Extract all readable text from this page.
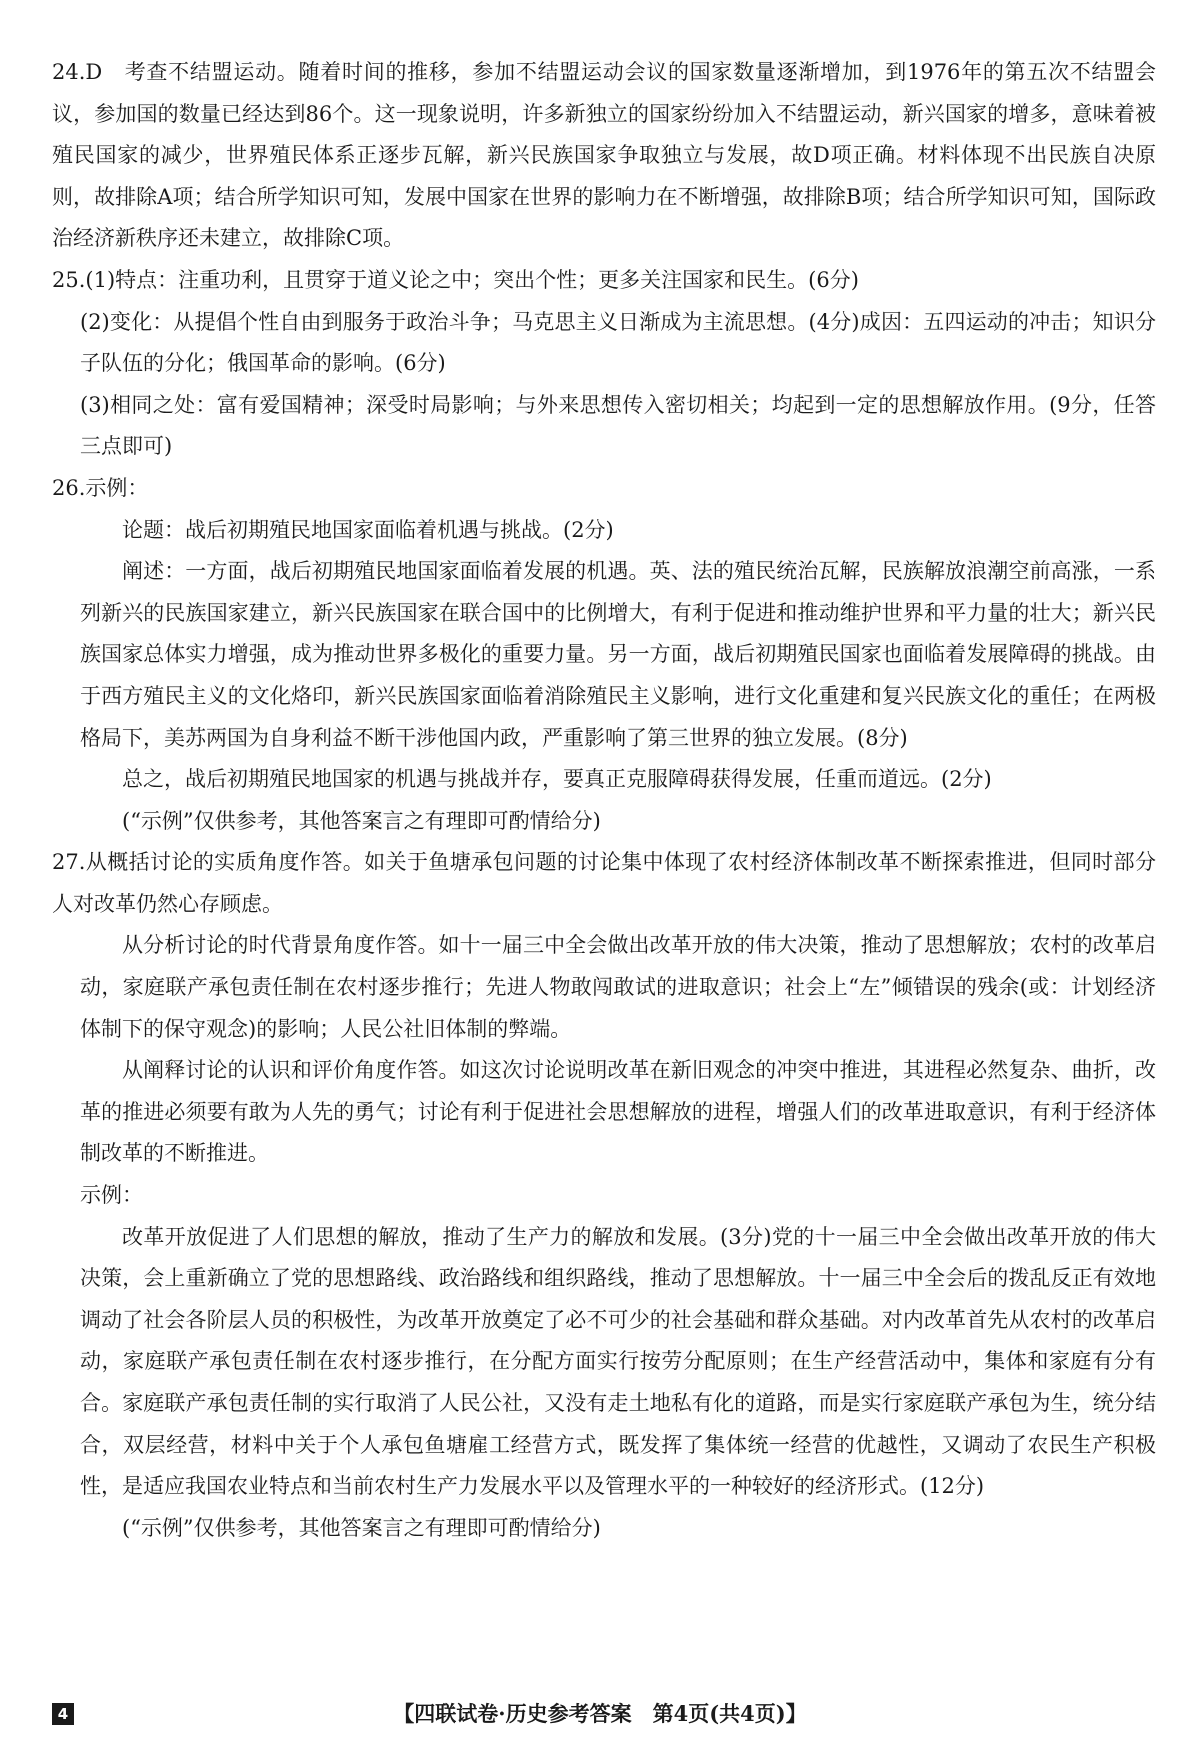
24.D　考查不结盟运动。随着时间的推移，参加不结盟运动会议的国家数量逐渐增加，到1976年的第五次不结盟会议，参加国的数量已经达到86个。这一现象说明，许多新独立的国家纷纷加入不结盟运动，新兴国家的增多，意味着被殖民国家的减少，世界殖民体系正逐步瓦解，新兴民族国家争取独立与发展，故D项正确。材料体现不出民族自决原则，故排除A项；结合所学知识可知，发展中国家在世界的影响力在不断增强，故排除B项；结合所学知识可知，国际政治经济新秩序还未建立，故排除C项。

25.(1)特点：注重功利，且贯穿于道义论之中；突出个性；更多关注国家和民生。(6分)

(2)变化：从提倡个性自由到服务于政治斗争；马克思主义日渐成为主流思想。(4分)成因：五四运动的冲击；知识分子队伍的分化；俄国革命的影响。(6分)

(3)相同之处：富有爱国精神；深受时局影响；与外来思想传入密切相关；均起到一定的思想解放作用。(9分，任答三点即可)

26.示例：

论题：战后初期殖民地国家面临着机遇与挑战。(2分)

阐述：一方面，战后初期殖民地国家面临着发展的机遇。英、法的殖民统治瓦解，民族解放浪潮空前高涨，一系列新兴的民族国家建立，新兴民族国家在联合国中的比例增大，有利于促进和推动维护世界和平力量的壮大；新兴民族国家总体实力增强，成为推动世界多极化的重要力量。另一方面，战后初期殖民国家也面临着发展障碍的挑战。由于西方殖民主义的文化烙印，新兴民族国家面临着消除殖民主义影响，进行文化重建和复兴民族文化的重任；在两极格局下，美苏两国为自身利益不断干涉他国内政，严重影响了第三世界的独立发展。(8分)

总之，战后初期殖民地国家的机遇与挑战并存，要真正克服障碍获得发展，任重而道远。(2分)

(“示例”仅供参考，其他答案言之有理即可酌情给分)

27.从概括讨论的实质角度作答。如关于鱼塘承包问题的讨论集中体现了农村经济体制改革不断探索推进，但同时部分人对改革仍然心存顾虑。

从分析讨论的时代背景角度作答。如十一届三中全会做出改革开放的伟大决策，推动了思想解放；农村的改革启动，家庭联产承包责任制在农村逐步推行；先进人物敢闯敢试的进取意识；社会上“左”倾错误的残余(或：计划经济体制下的保守观念)的影响；人民公社旧体制的弊端。

从阐释讨论的认识和评价角度作答。如这次讨论说明改革在新旧观念的冲突中推进，其进程必然复杂、曲折，改革的推进必须要有敢为人先的勇气；讨论有利于促进社会思想解放的进程，增强人们的改革进取意识，有利于经济体制改革的不断推进。

示例：

改革开放促进了人们思想的解放，推动了生产力的解放和发展。(3分)党的十一届三中全会做出改革开放的伟大决策，会上重新确立了党的思想路线、政治路线和组织路线，推动了思想解放。十一届三中全会后的拨乱反正有效地调动了社会各阶层人员的积极性，为改革开放奠定了必不可少的社会基础和群众基础。对内改革首先从农村的改革启动，家庭联产承包责任制在农村逐步推行，在分配方面实行按劳分配原则；在生产经营活动中，集体和家庭有分有合。家庭联产承包责任制的实行取消了人民公社，又没有走土地私有化的道路，而是实行家庭联产承包为生，统分结合，双层经营，材料中关于个人承包鱼塘雇工经营方式，既发挥了集体统一经营的优越性，又调动了农民生产积极性，是适应我国农业特点和当前农村生产力发展水平以及管理水平的一种较好的经济形式。(12分)

(“示例”仅供参考，其他答案言之有理即可酌情给分)

4	【四联试卷·历史参考答案　第4页(共4页)】
